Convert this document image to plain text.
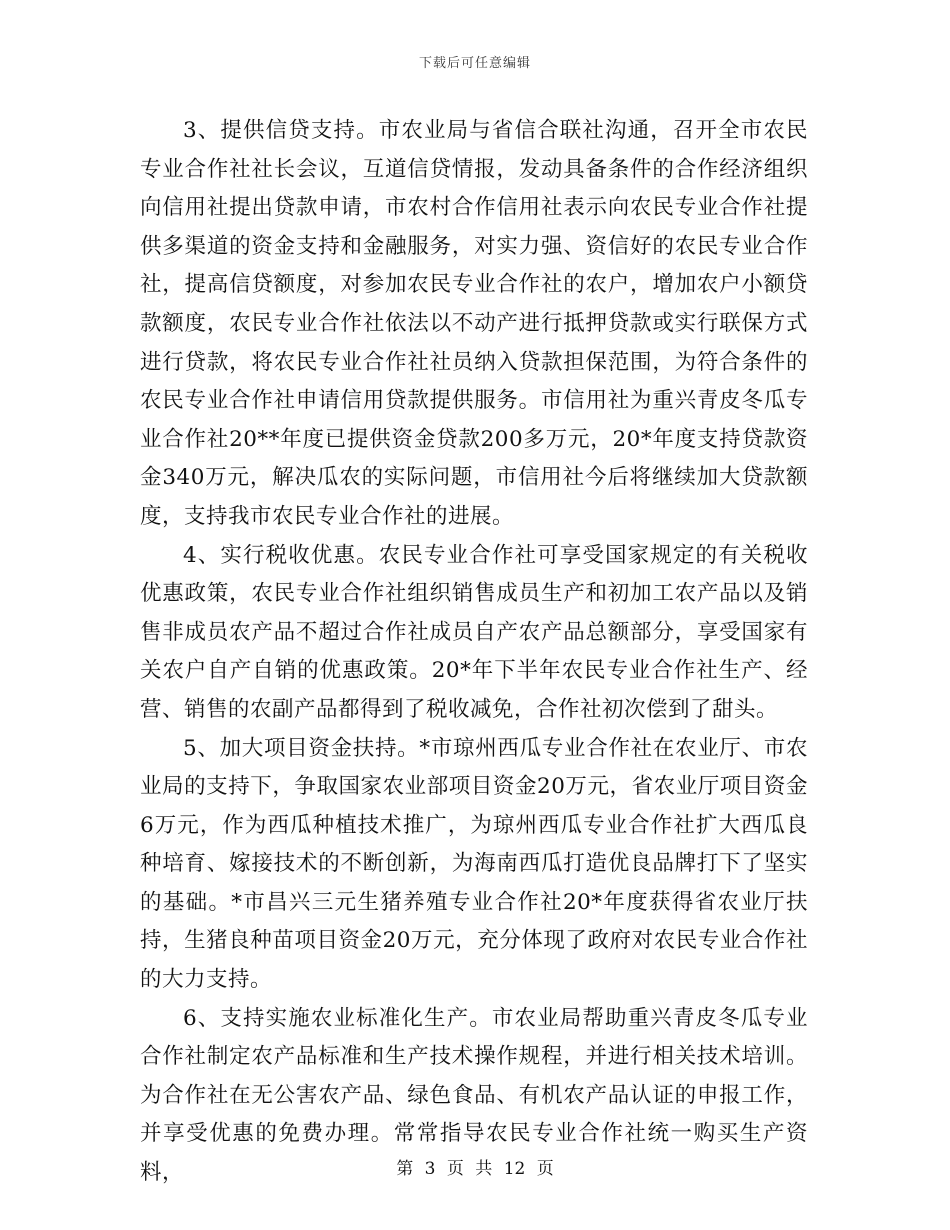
下载后可任意编辑

3、提供信贷支持。市农业局与省信合联社沟通，召开全市农民专业合作社社长会议，互道信贷情报，发动具备条件的合作经济组织向信用社提出贷款申请，市农村合作信用社表示向农民专业合作社提供多渠道的资金支持和金融服务，对实力强、资信好的农民专业合作社，提高信贷额度，对参加农民专业合作社的农户，增加农户小额贷款额度，农民专业合作社依法以不动产进行抵押贷款或实行联保方式进行贷款，将农民专业合作社社员纳入贷款担保范围，为符合条件的农民专业合作社申请信用贷款提供服务。市信用社为重兴青皮冬瓜专业合作社20**年度已提供资金贷款200多万元，20*年度支持贷款资金340万元，解决瓜农的实际问题，市信用社今后将继续加大贷款额度，支持我市农民专业合作社的进展。

4、实行税收优惠。农民专业合作社可享受国家规定的有关税收优惠政策，农民专业合作社组织销售成员生产和初加工农产品以及销售非成员农产品不超过合作社成员自产农产品总额部分，享受国家有关农户自产自销的优惠政策。20*年下半年农民专业合作社生产、经营、销售的农副产品都得到了税收减免，合作社初次偿到了甜头。

5、加大项目资金扶持。*市琼州西瓜专业合作社在农业厅、市农业局的支持下，争取国家农业部项目资金20万元，省农业厅项目资金6万元，作为西瓜种植技术推广，为琼州西瓜专业合作社扩大西瓜良种培育、嫁接技术的不断创新，为海南西瓜打造优良品牌打下了坚实的基础。*市昌兴三元生猪养殖专业合作社20*年度获得省农业厅扶持，生猪良种苗项目资金20万元，充分体现了政府对农民专业合作社的大力支持。

6、支持实施农业标准化生产。市农业局帮助重兴青皮冬瓜专业合作社制定农产品标准和生产技术操作规程，并进行相关技术培训。为合作社在无公害农产品、绿色食品、有机农产品认证的申报工作，并享受优惠的免费办理。常常指导农民专业合作社统一购买生产资料，	第 3 页 共 12 页
